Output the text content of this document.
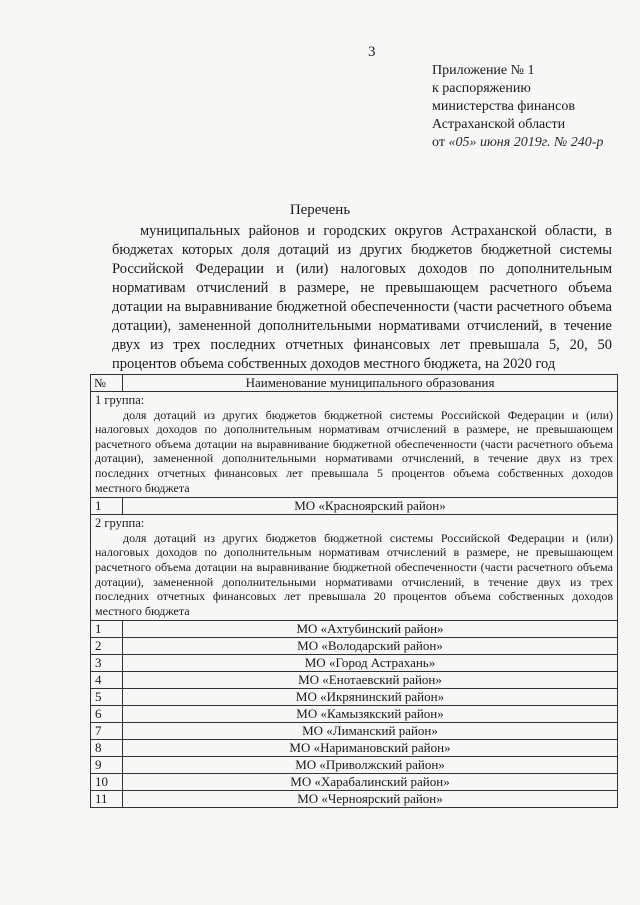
3
Приложение № 1
к распоряжению
министерства финансов
Астраханской области
от «05» июня 2019г. № 240-р
Перечень
муниципальных районов и городских округов Астраханской области, в бюджетах которых доля дотаций из других бюджетов бюджетной системы Российской Федерации и (или) налоговых доходов по дополнительным нормативам отчислений в размере, не превышающем расчетного объема дотации на выравнивание бюджетной обеспеченности (части расчетного объема дотации), замененной дополнительными нормативами отчислений, в течение двух из трех последних отчетных финансовых лет превышала 5, 20, 50 процентов объема собственных доходов местного бюджета, на 2020 год
№	Наименование муниципального образования

1 группа:
доля дотаций из других бюджетов бюджетной системы Российской Федерации и (или) налоговых доходов по дополнительным нормативам отчислений в размере, не превышающем расчетного объема дотации на выравнивание бюджетной обеспеченности (части расчетного объема дотации), замененной дополнительными нормативами отчислений, в течение двух из трех последних отчетных финансовых лет превышала 5 процентов объема собственных доходов местного бюджета	

1	МО «Красноярский район»

2 группа:
доля дотаций из других бюджетов бюджетной системы Российской Федерации и (или) налоговых доходов по дополнительным нормативам отчислений в размере, не превышающем расчетного объема дотации на выравнивание бюджетной обеспеченности (части расчетного объема дотации), замененной дополнительными нормативами отчислений, в течение двух из трех последних отчетных финансовых лет превышала 20 процентов объема собственных доходов местного бюджета	

1	МО «Ахтубинский район»
2	МО «Володарский район»
3	МО «Город Астрахань»
4	МО «Енотаевский район»
5	МО «Икрянинский район»
6	МО «Камызякский район»
7	МО «Лиманский район»
8	МО «Наримановский район»
9	МО «Приволжский район»
10	МО «Харабалинский район»
11	МО «Черноярский район»
